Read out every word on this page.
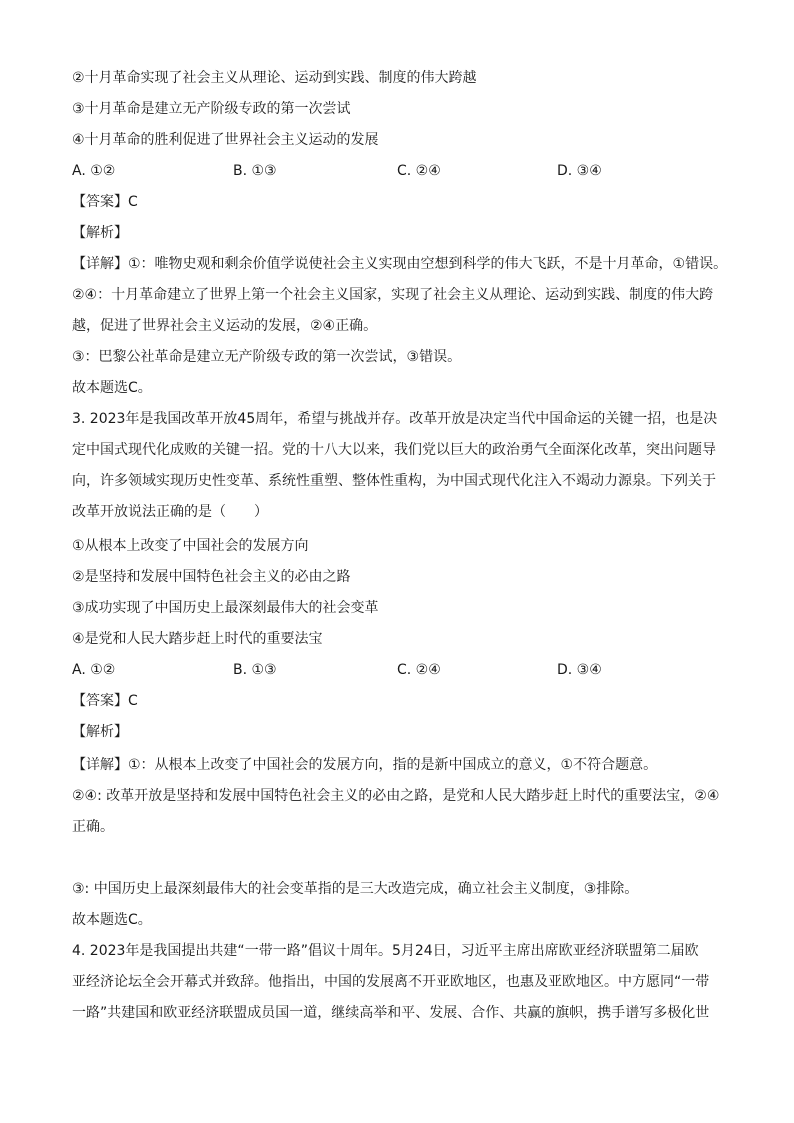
②十月革命实现了社会主义从理论、运动到实践、制度的伟大跨越
③十月革命是建立无产阶级专政的第一次尝试
④十月革命的胜利促进了世界社会主义运动的发展
A. ①②	B. ①③	C. ②④	D. ③④
【答案】C
【解析】
【详解】①：唯物史观和剩余价值学说使社会主义实现由空想到科学的伟大飞跃，不是十月革命，①错误。
②④：十月革命建立了世界上第一个社会主义国家，实现了社会主义从理论、运动到实践、制度的伟大跨
越，促进了世界社会主义运动的发展，②④正确。
③：巴黎公社革命是建立无产阶级专政的第一次尝试，③错误。
故本题选C。
3. 2023年是我国改革开放45周年，希望与挑战并存。改革开放是决定当代中国命运的关键一招，也是决
定中国式现代化成败的关键一招。党的十八大以来，我们党以巨大的政治勇气全面深化改革，突出问题导
向，许多领域实现历史性变革、系统性重塑、整体性重构，为中国式现代化注入不竭动力源泉。下列关于
改革开放说法正确的是（　　）
①从根本上改变了中国社会的发展方向
②是坚持和发展中国特色社会主义的必由之路
③成功实现了中国历史上最深刻最伟大的社会变革
④是党和人民大踏步赶上时代的重要法宝
A. ①②	B. ①③	C. ②④	D. ③④
【答案】C
【解析】
【详解】①：从根本上改变了中国社会的发展方向，指的是新中国成立的意义，①不符合题意。
②④: 改革开放是坚持和发展中国特色社会主义的必由之路，是党和人民大踏步赶上时代的重要法宝，②④
正确。
③: 中国历史上最深刻最伟大的社会变革指的是三大改造完成，确立社会主义制度，③排除。
故本题选C。
4. 2023年是我国提出共建“一带一路”倡议十周年。5月24日，习近平主席出席欧亚经济联盟第二届欧
亚经济论坛全会开幕式并致辞。他指出，中国的发展离不开亚欧地区，也惠及亚欧地区。中方愿同“一带
一路”共建国和欧亚经济联盟成员国一道，继续高举和平、发展、合作、共赢的旗帜，携手谱写多极化世
